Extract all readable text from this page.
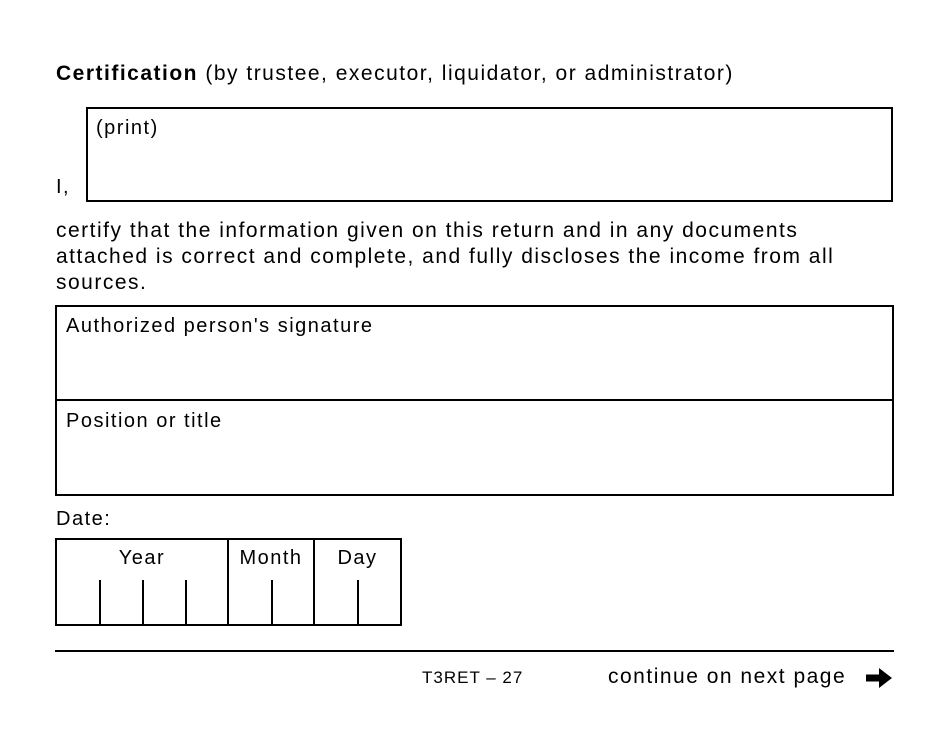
Certification (by trustee, executor, liquidator, or administrator)
I,
(print)
certify that the information given on this return and in any documents attached is correct and complete, and fully discloses the income from all sources.
Authorized person's signature
Position or title
Date:
Year	Month	Day
T3RET – 27	continue on next page
